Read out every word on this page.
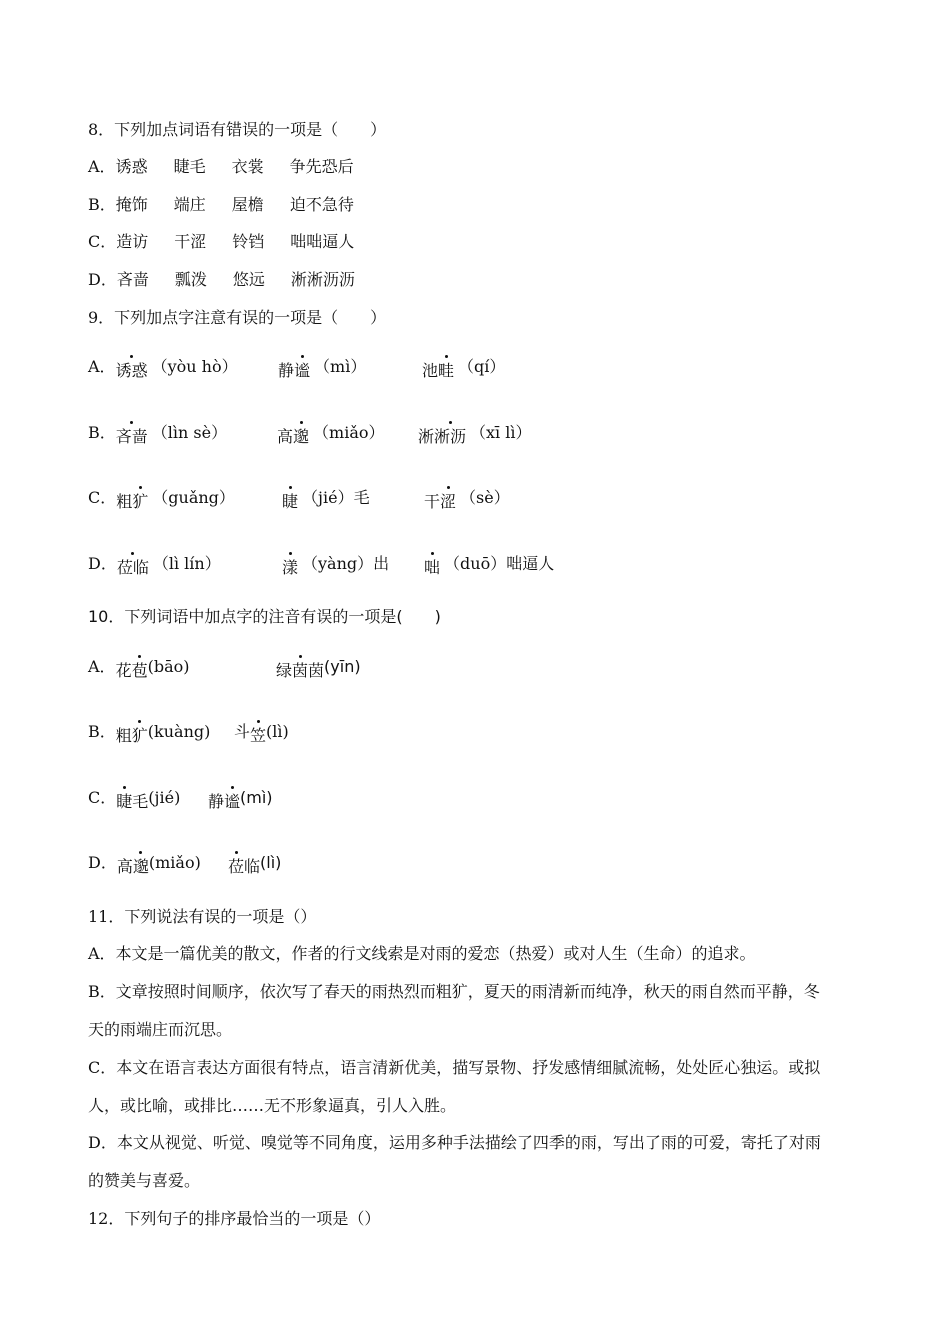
8．下列加点词语有错误的一项是（　　）
A．诱惑 睫毛 衣裳 争先恐后
B．掩饰 端庄 屋檐 迫不急待
C．造访 干涩 铃铛 咄咄逼人
D．吝啬 瓢泼 悠远 淅淅沥沥
9．下列加点字注意有误的一项是（　　）
A．诱惑 （yòu hò）	静谧 （mì）	池畦 （qí）
B．吝啬 （lìn sè）	高邈 （miǎo） 淅淅沥 （xī lì）
C．粗犷 （guǎng）	睫 （jié）毛	干涩 （sè）
D．莅临 （lì lín）	漾 （yàng）出 咄 （duō）咄逼人
10．下列词语中加点字的注音有误的一项是(　　)
A．花苞(bāo)	绿茵茵(yīn)
B．粗犷(kuàng) 斗笠(lì)
C．睫毛(jié) 静谧(mì)
D．高邈(miǎo) 莅临(lì)
11．下列说法有误的一项是（）
A．本文是一篇优美的散文，作者的行文线索是对雨的爱恋（热爱）或对人生（生命）的追求。
B．文章按照时间顺序，依次写了春天的雨热烈而粗犷，夏天的雨清新而纯净，秋天的雨自然而平静，冬
天的雨端庄而沉思。
C．本文在语言表达方面很有特点，语言清新优美，描写景物、抒发感情细腻流畅，处处匠心独运。或拟
人，或比喻，或排比……无不形象逼真，引人入胜。
D．本文从视觉、听觉、嗅觉等不同角度，运用多种手法描绘了四季的雨，写出了雨的可爱，寄托了对雨
的赞美与喜爱。
12．下列句子的排序最恰当的一项是（）
